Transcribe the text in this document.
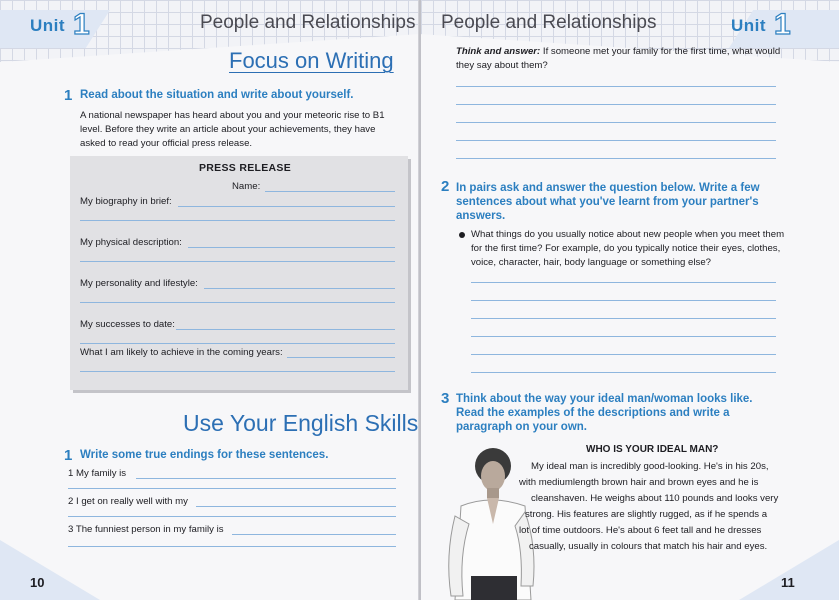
Unit 1	People and Relationships
Focus on Writing
1 Read about the situation and write about yourself.

A national newspaper has heard about you and your meteoric rise to B1 level. Before they write an article about your achievements, they have asked to read your official press release.

PRESS RELEASE
Name:
My biography in brief:
My physical description:
My personality and lifestyle:
My successes to date:
What I am likely to achieve in the coming years:
Use Your English Skills
1 Write some true endings for these sentences.
1 My family is
2 I get on really well with my
3 The funniest person in my family is
10
Unit 1
People and Relationships

Think and answer: If someone met your family for the first time, what would they say about them?

2 In pairs ask and answer the question below. Write a few sentences about what you've learnt from your partner's answers.

What things do you usually notice about new people when you meet them for the first time? For example, do you typically notice their eyes, clothes, voice, character, hair, body language or something else?

3 Think about the way your ideal man/woman looks like. Read the examples of the descriptions and write a paragraph on your own.
WHO IS YOUR IDEAL MAN?
My ideal man is incredibly good-looking. He's in his 20s,
with mediumlength brown hair and brown eyes and he is
cleanshaven. He weighs about 110 pounds and looks very
strong. His features are slightly rugged, as if he spends a
lot of time outdoors. He's about 6 feet tall and he dresses
casually, usually in colours that match his hair and eyes.
11
